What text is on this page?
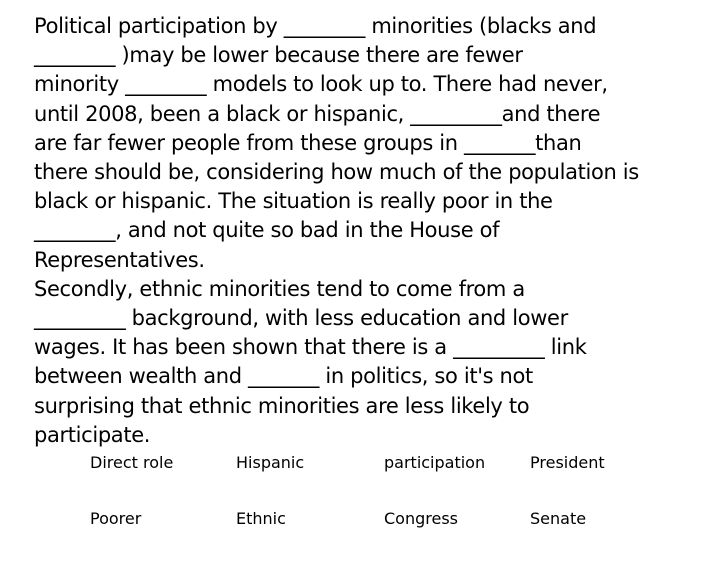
Political participation by ________ minorities (blacks and
________ )may be lower because there are fewer
minority ________ models to look up to. There had never,
until 2008, been a black or hispanic, _________and there
are far fewer people from these groups in _______than
there should be, considering how much of the population is
black or hispanic. The situation is really poor in the
________, and not quite so bad in the House of
Representatives.
Secondly, ethnic minorities tend to come from a
_________ background, with less education and lower
wages. It has been shown that there is a _________ link
between wealth and _______ in politics, so it's not
surprising that ethnic minorities are less likely to
participate.
Direct role	Hispanic	participation	President
Poorer	Ethnic	Congress	Senate
